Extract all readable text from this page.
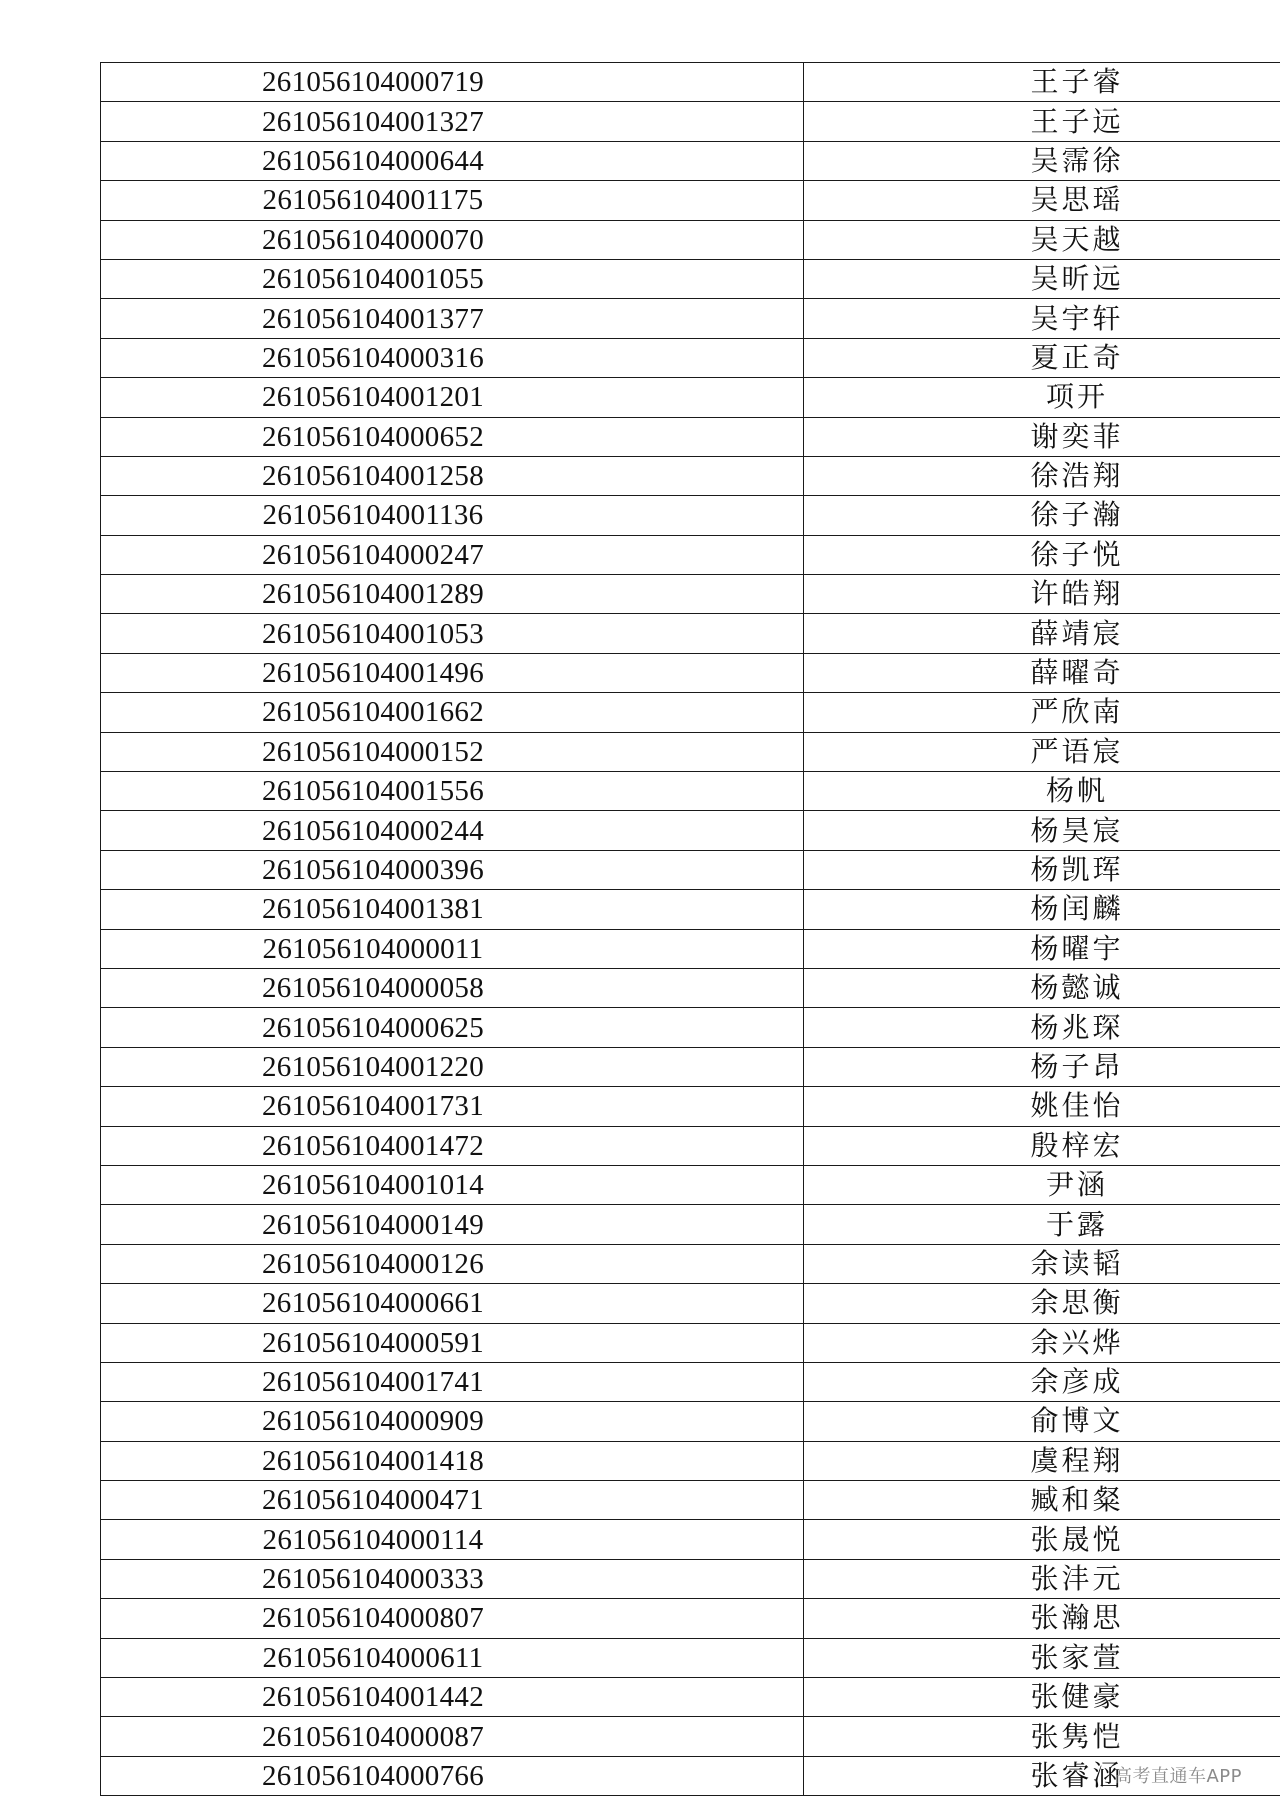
261056104000719	王子睿
261056104001327	王子远
261056104000644	吴霈徐
261056104001175	吴思瑶
261056104000070	吴天越
261056104001055	吴昕远
261056104001377	吴宇轩
261056104000316	夏正奇
261056104001201	项开
261056104000652	谢奕菲
261056104001258	徐浩翔
261056104001136	徐子瀚
261056104000247	徐子悦
261056104001289	许皓翔
261056104001053	薛靖宸
261056104001496	薛曜奇
261056104001662	严欣南
261056104000152	严语宸
261056104001556	杨帆
261056104000244	杨昊宸
261056104000396	杨凯珲
261056104001381	杨闰麟
261056104000011	杨曜宇
261056104000058	杨懿诚
261056104000625	杨兆琛
261056104001220	杨子昂
261056104001731	姚佳怡
261056104001472	殷梓宏
261056104001014	尹涵
261056104000149	于露
261056104000126	余读韬
261056104000661	余思衡
261056104000591	余兴烨
261056104001741	余彦成
261056104000909	俞博文
261056104001418	虞程翔
261056104000471	臧和粲
261056104000114	张晟悦
261056104000333	张沣元
261056104000807	张瀚思
261056104000611	张家萱
261056104001442	张健豪
261056104000087	张隽恺
261056104000766	张睿涵
高考直通车APP
